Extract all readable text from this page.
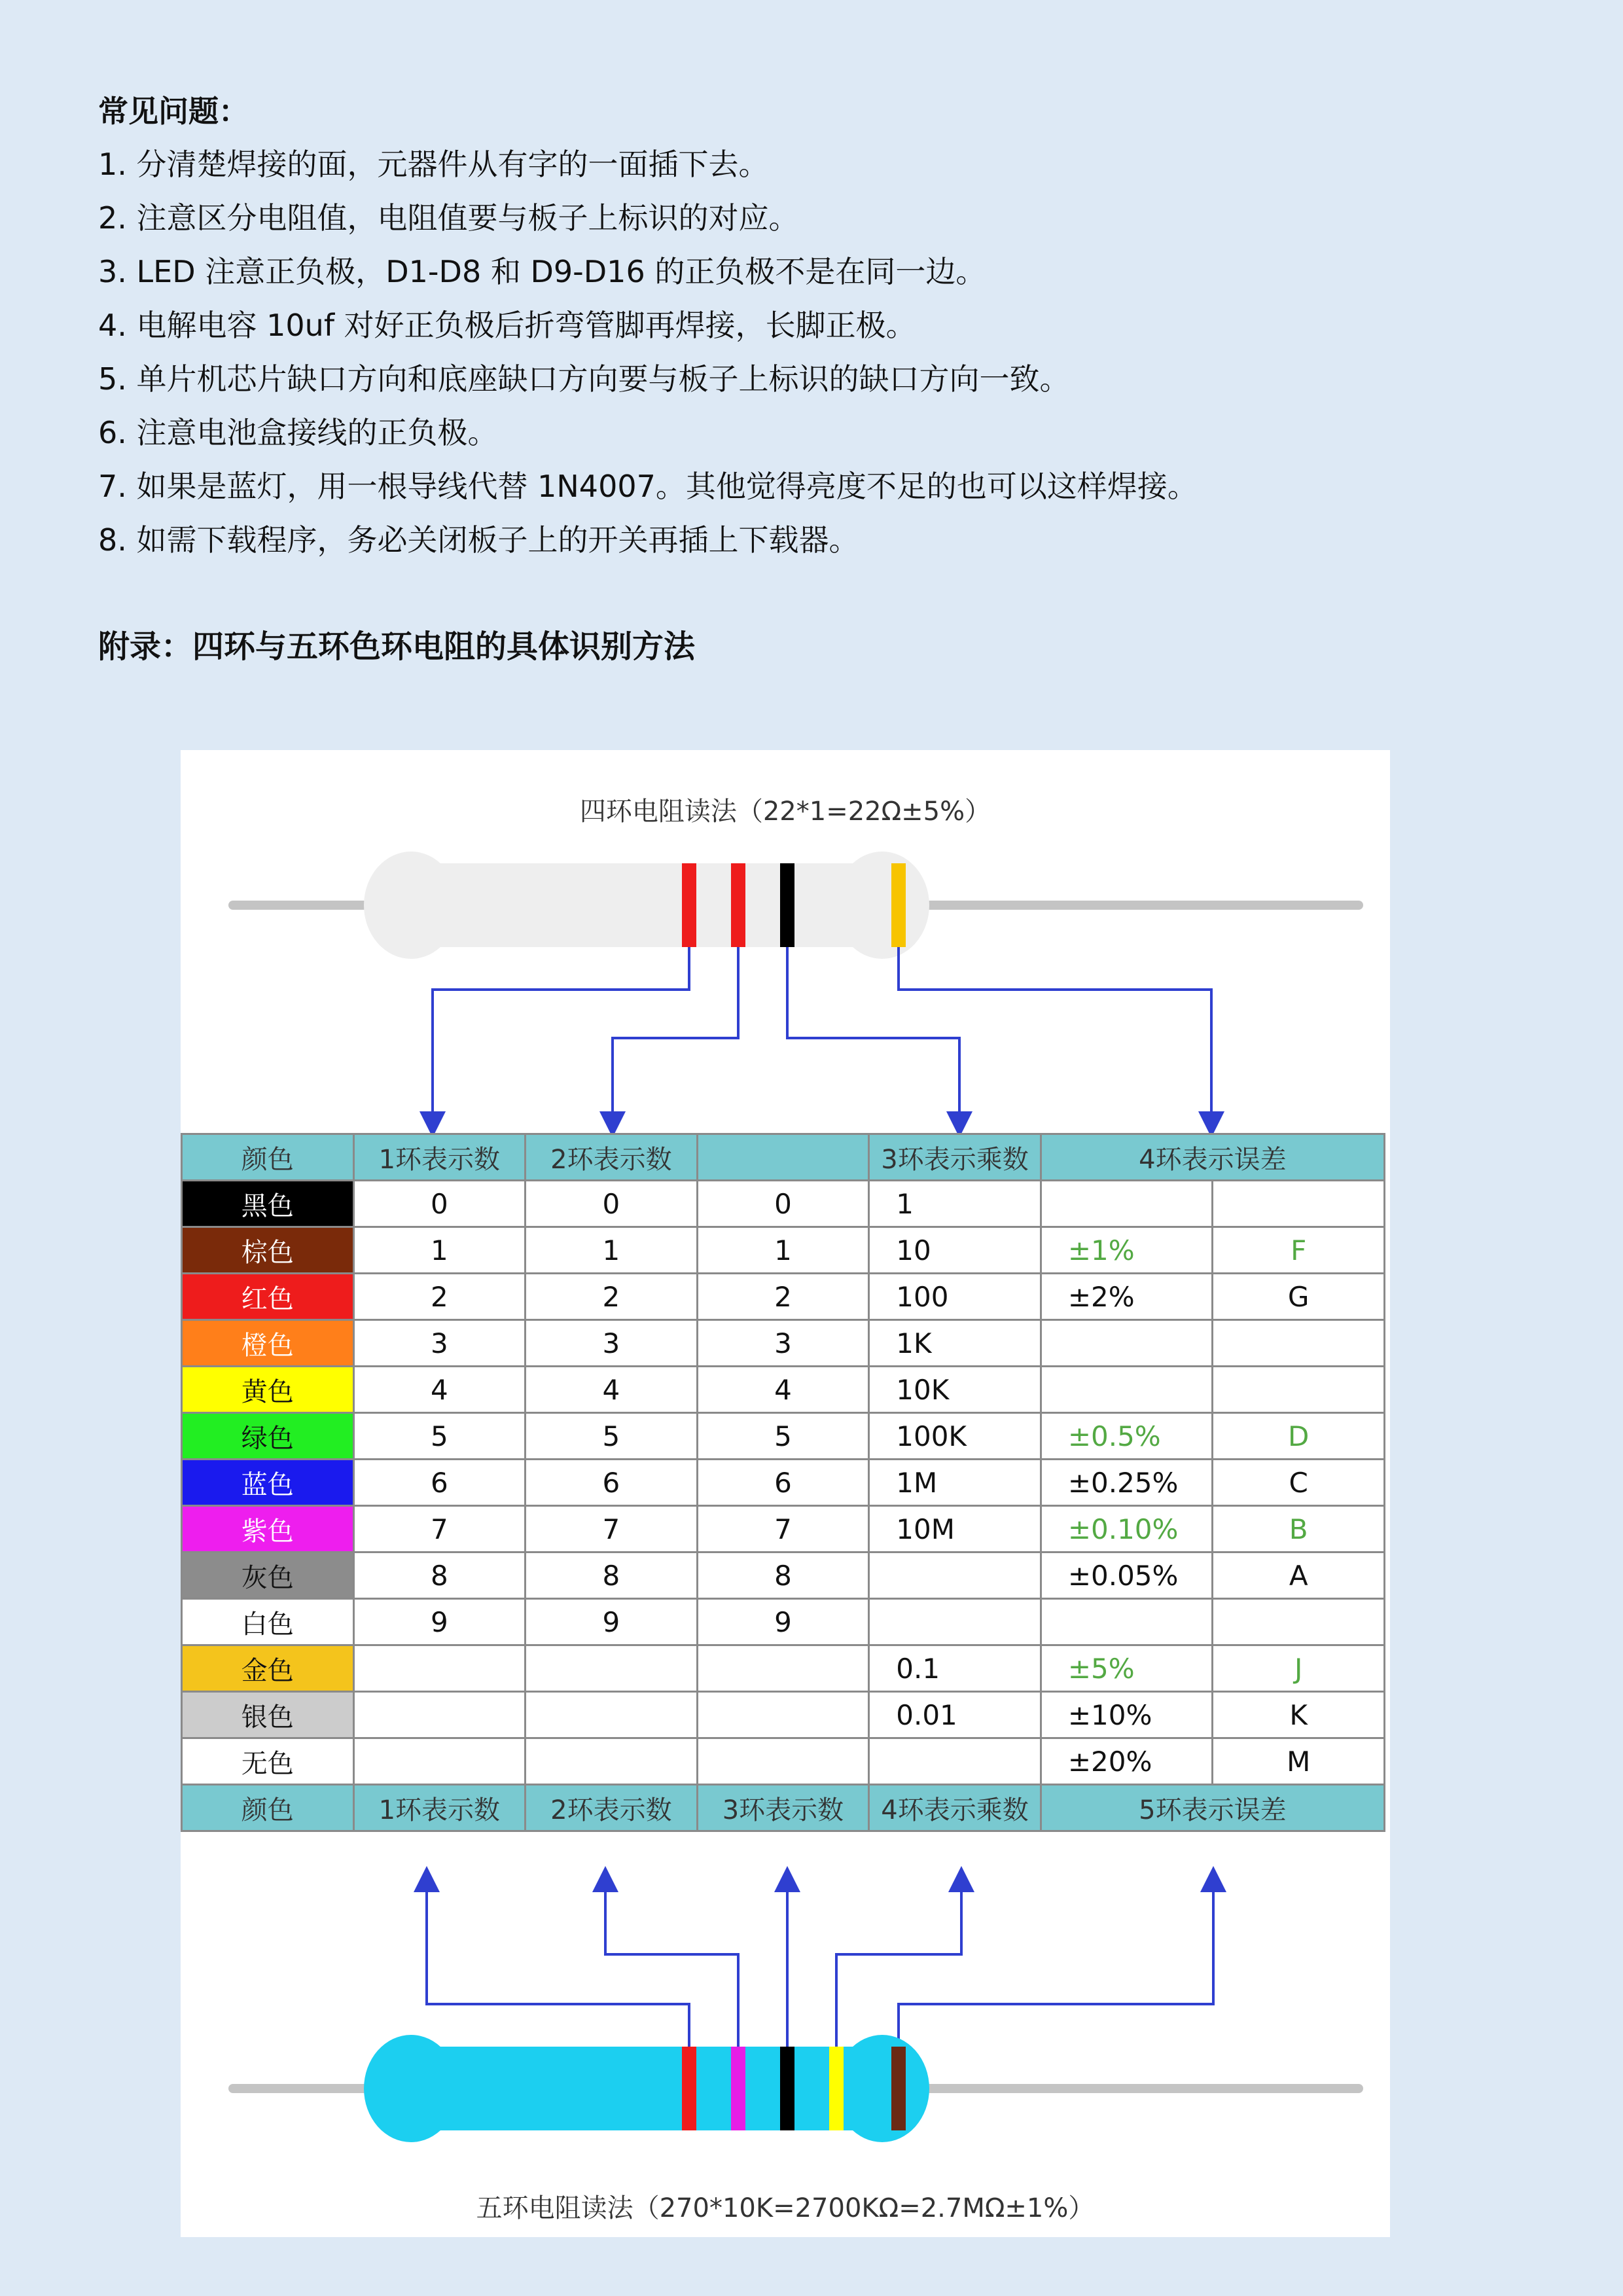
常见问题：
1. 分清楚焊接的面，元器件从有字的一面插下去。
2. 注意区分电阻值，电阻值要与板子上标识的对应。
3. LED 注意正负极，D1-D8 和 D9-D16 的正负极不是在同一边。
4. 电解电容 10uf 对好正负极后折弯管脚再焊接，长脚正极。
5. 单片机芯片缺口方向和底座缺口方向要与板子上标识的缺口方向一致。
6. 注意电池盒接线的正负极。
7. 如果是蓝灯，用一根导线代替 1N4007。其他觉得亮度不足的也可以这样焊接。
8. 如需下载程序，务必关闭板子上的开关再插上下载器。
附录：四环与五环色环电阻的具体识别方法
四环电阻读法（22*1=22Ω±5%）
颜色	1环表示数	2环表示数		3环表示乘数	4环表示误差	
黑色	0	0	0	1		
棕色	1	1	1	10	±1%	F
红色	2	2	2	100	±2%	G
橙色	3	3	3	1K		
黄色	4	4	4	10K		
绿色	5	5	5	100K	±0.5%	D
蓝色	6	6	6	1M	±0.25%	C
紫色	7	7	7	10M	±0.10%	B
灰色	8	8	8		±0.05%	A
白色	9	9	9			
金色				0.1	±5%	J
银色				0.01	±10%	K
无色					±20%	M
颜色	1环表示数	2环表示数	3环表示数	4环表示乘数	5环表示误差	
五环电阻读法（270*10K=2700KΩ=2.7MΩ±1%）
